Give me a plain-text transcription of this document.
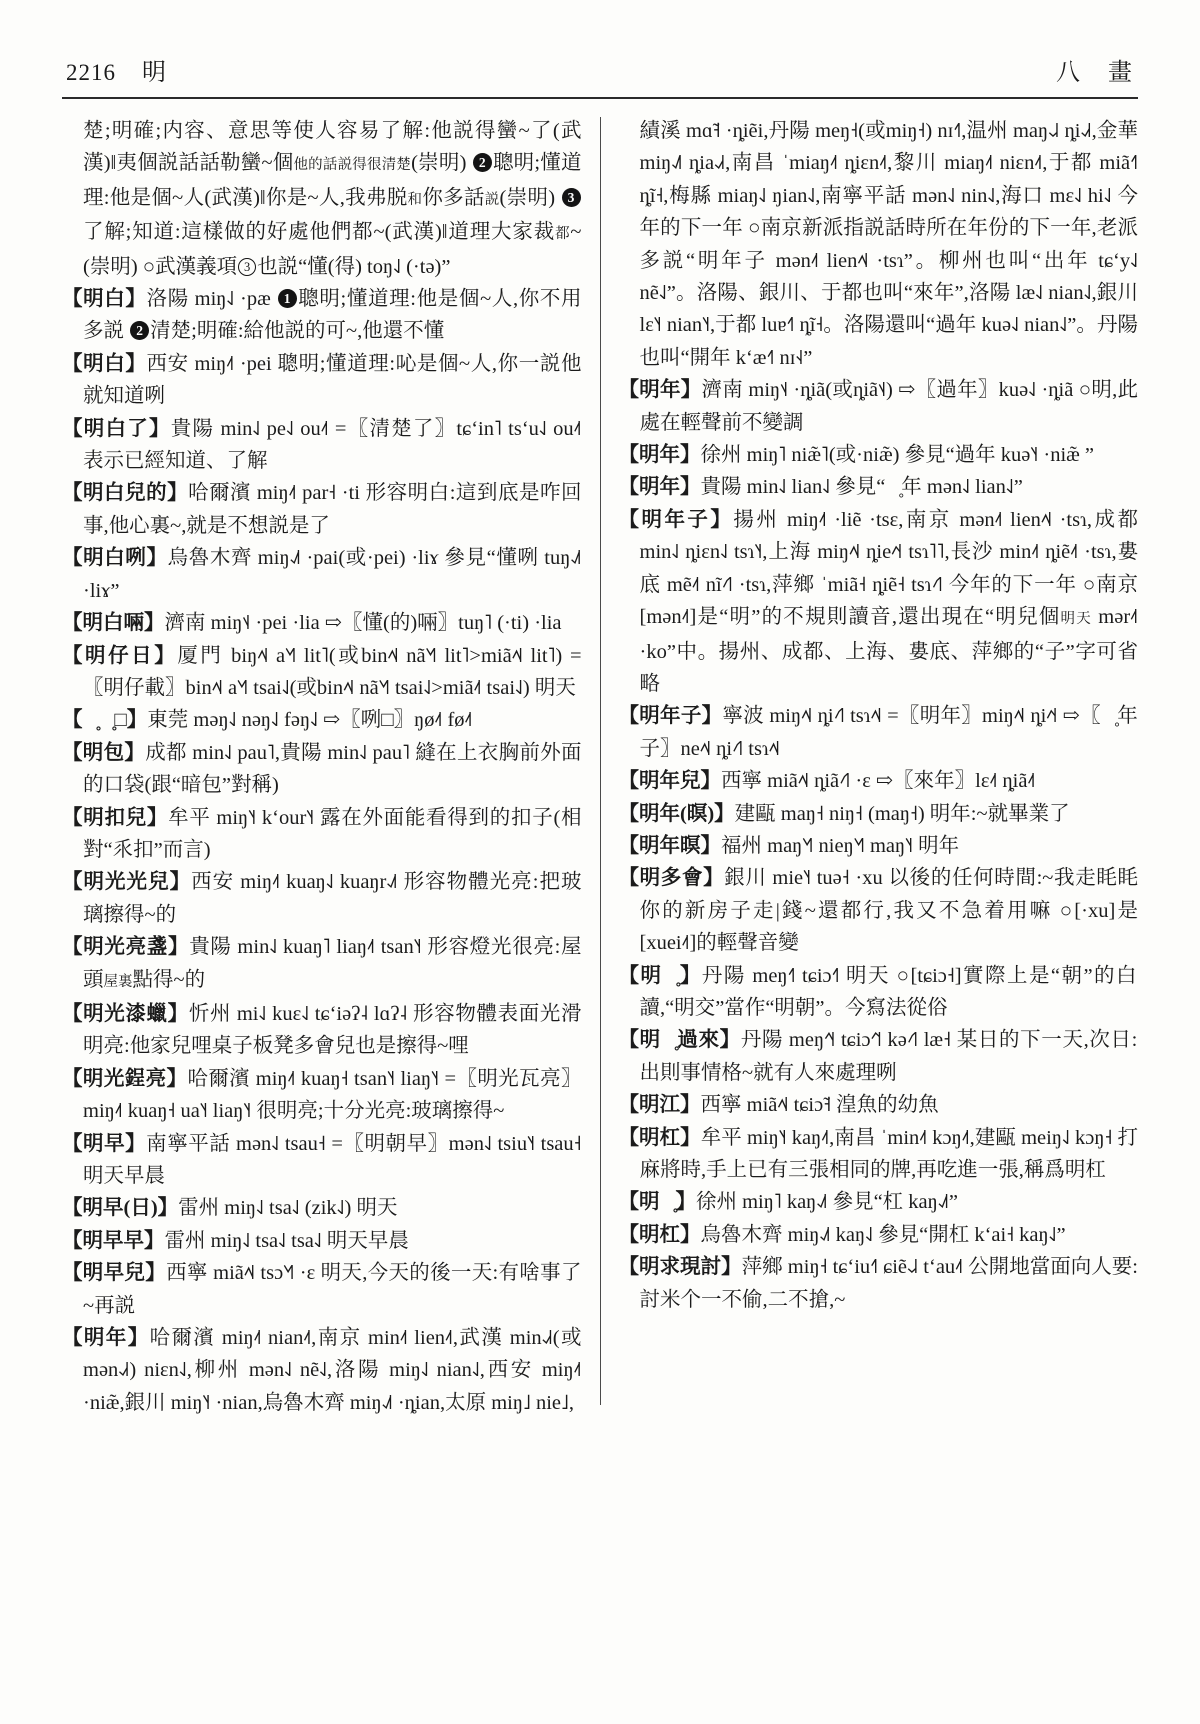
2216 明	八　畫

楚;明確;内容、意思等使人容易了解:他説得蠻~了(武漢)‖夷個説話話勒蠻~個他的話説得很清楚(崇明) 2 聰明;懂道理:他是個~人(武漢)‖你是~人,我弗脱和你多話説(崇明) 3了解;知道:這樣做的好處他們都~(武漢)‖道理大家裁都~(崇明) ○武漢義項 3 也説“懂(得) toŋ˨˩ (·tə)”

【明白】洛陽 miŋ˨˩ ·pæ 1 聰明;懂道理:他是個~人,你不用多説 2 清楚;明確:給他説的可~,他還不懂

【明白】西安 miŋ˨˦ ·pei 聰明;懂道理:吣是個~人,你一説他就知道咧

【明白了】貴陽 min˨˩ pe˨˩ ou˨˦ =〖清楚了〗tɕʻin˥ tsʻu˨˩ ou˨˦ 表示已經知道、了解

【明白兒的】哈爾濱 miŋ˨˦ par˧ ·ti 形容明白:這到底是咋回事,他心裏~,就是不想説是了

【明白咧】烏魯木齊 miŋ˨˩˦ ·pai(或·pei) ·liɤ 參見“懂咧 tuŋ˨˩˦ ·liɤ”

【明白啢】濟南 miŋ˦˨ ·pei ·lia ⇨〖懂(的)啢〗tuŋ˥ (·ti) ·lia

【明仔日】厦門 biŋ˨˦˨ a˥˧˥ lit˥(或bin˨˦˨ nã˥˧˥ lit˥>miã˨˦˨ lit˥) =〖明仔載〗bin˨˦˨ a˥˧˥ tsai˨˩(或bin˨˦˨ nã˥˧˥ tsai˨˩>miã˨˦ tsai˨˩) 明天

【明̥令̥□】東莞 məŋ˨˩ nəŋ˨˩ fəŋ˨˩ ⇨〖咧□〗ŋø˨˦ fø˨˦

【明包】成都 min˨˩ pau˥,貴陽 min˨˩ pau˥ 縫在上衣胸前外面的口袋(跟“暗包”對稱)

【明扣兒】牟平 miŋ˥˧ kʻour˥˧ 露在外面能看得到的扣子(相對“乑扣”而言)

【明光光兒】西安 miŋ˨˦ kuaŋ˨˩ kuaŋr˨˩˦ 形容物體光亮:把玻璃擦得~的

【明光亮盞】貴陽 min˨˩ kuaŋ˥ liaŋ˨˦ tsan˥˧ 形容燈光很亮:屋頭屋裏點得~的

【明光漆蠟】忻州 mi˨˩ kuɛ˨˩ tɕʻiəʔ˨ lɑʔ˨ 形容物體表面光滑明亮:他家兒哩桌子板凳多會兒也是擦得~哩

【明光鋥亮】哈爾濱 miŋ˨˦ kuaŋ˧ tsan˥˧ liaŋ˥˧ =〖明光瓦亮〗miŋ˨˦ kuaŋ˧ ua˥˧ liaŋ˥˧ 很明亮;十分光亮:玻璃擦得~

【明早】南寧平話 mən˨˩ tsau˧ =〖明朝早〗mən˨˩ tsiu˥˧ tsau˧ 明天早晨

【明早(日)】雷州 miŋ˨˩ tsa˨˩ (zik˨˩) 明天

【明早早】雷州 miŋ˨˩ tsa˨˩ tsa˨˩ 明天早晨

【明早兒】西寧 miã˨˦˨ tsɔ˥˧˥ ·ɛ 明天,今天的後一天:有啥事了~再説

【明年】哈爾濱 miŋ˨˦ nian˨˦,南京 min˨˦ lien˨˦,武漢 min˨˩˧(或 mən˨˩˧) niɛn˨˩,柳州 mən˨˩ nẽ˨˩,洛陽 miŋ˨˩ nian˨˩,西安 miŋ˨˦ ·niæ̃,銀川 miŋ˥˧ ·nian,烏魯木齊 miŋ˨˩˦ ·ȵian,太原 miŋ˩ nie˩,

績溪 mɑ̃˧ ·ȵiẽi,丹陽 meŋ˧(或miŋ˧) nɪ˧˥,温州 maŋ˨˩˨ ȵi˨˩˧,金華 miŋ˨˩˥ ȵia˨˩˧,南昌 ˈmiaŋ˨˦ ȵiɛn˨˦,黎川 miaŋ˨˦ niɛn˨˦,于都 miã˧˥ ȵĩ˧,梅縣 miaŋ˨˩ ŋian˨˩,南寧平話 mən˨˩ nin˨˩,海口 mɛ˨˩ hi˨˩ 今年的下一年 ○南京新派指説話時所在年份的下一年,老派多説“明年子 mən˨˦ lien˨˦˨ ·tsɿ”。柳州也叫“出年 tɕʻy˨˩ nẽ˨˩”。洛陽、銀川、于都也叫“來年”,洛陽 læ˨˩ nian˨˩,銀川 lɛ˥˧ nian˥˧,于都 luɐ˧˥ ȵĩ˧。洛陽還叫“過年 kuə˨˩ nian˨˩”。丹陽也叫“開年 kʻæ˧˥ nɪ˧˨”

【明年】濟南 miŋ˦˨ ·ȵiã(或ȵiã˦˨) ⇨〖過年〗kuə˨˩ ·ȵiã ○明,此處在輕聲前不變調

【明年】徐州 miŋ˥ niæ̃˥(或·niæ̃) 參見“過年 kuə˥˧ ·niæ̃ ”

【明年】貴陽 min˨˩ lian˨˩ 參見“門̥年 mən˨˩ lian˨˩”

【明年子】揚州 miŋ˨˦ ·liẽ ·tsɛ,南京 mən˨˦ lien˨˦˨ ·tsɿ,成都 min˨˩ ȵiɛn˨˩ tsɿ˥˧,上海 miŋ˨˦˨ ȵie˨˦˧ tsɿ˥˥,長沙 min˨˦ ȵiẽ˨˦ ·tsɿ,婁底 mẽ˨˦ nĩ˨˦˥ ·tsɿ,萍鄉 ˈmiã˧ ȵiẽ˧ tsɿ˨˦˥ 今年的下一年 ○南京[mən˨˦]是“明”的不規則讀音,還出現在“明兒個明天 mər˨˦ ·ko”中。揚州、成都、上海、婁底、萍鄉的“子”字可省略

【明年子】寧波 miŋ˨˦˨ ȵi˨˦˥ tsɿ˨˦˨ =〖明年〗miŋ˨˦˨ ȵi˨˦˧ ⇨〖念̥年子〗ne˨˦˨ ȵi˨˦˥ tsɿ˨˦˨

【明年兒】西寧 miã˨˦˨ ȵiã˨˦˥ ·ɛ ⇨〖來年〗lɛ˨˦ ȵiã˨˦

【明年(暝)】建甌 maŋ˧ niŋ˧ (maŋ˧) 明年:~就畢業了

【明年暝】福州 maŋ˥˧˥ nieŋ˥˧˥ maŋ˥˧ 明年

【明多會】銀川 mie˥˧ tuə˧ ·xu 以後的任何時間:~我走眊眊你的新房子走|錢~還都行,我又不急着用嘛 ○[·xu]是[xuei˨˦]的輕聲音變

【明交̥】丹陽 meŋ˧˥ tɕiɔ˧˥ 明天 ○[tɕiɔ˧]實際上是“朝”的白讀,“明交”當作“明朝”。今寫法從俗

【明交̥過來】丹陽 meŋ˧˥˧ tɕiɔ˧˥˦ kə˨˦˥ læ˧ 某日的下一天,次日:出則事情格~就有人來處理咧

【明江】西寧 miã˨˦˨ tɕiɔ̃˧ 湟魚的幼魚

【明杠】牟平 miŋ˥˧ kaŋ˨˦,南昌 ˈmin˨˦ kɔŋ˨˦,建甌 meiŋ˨˩ kɔŋ˧ 打麻將時,手上已有三張相同的牌,再吃進一張,稱爲明杠

【明杠̥】徐州 miŋ˥ kaŋ˨˩˦ 參見“杠 kaŋ˨˩˦”

【明杠】烏魯木齊 miŋ˨˩˦ kaŋ˨˩ 參見“開杠 kʻai˧ kaŋ˨˩”

【明求現討】萍鄉 miŋ˧ tɕʻiu˧˥ ɕiẽ˨˩˨ tʻau˨˦ 公開地當面向人要:討米个一不偷,二不搶,~
